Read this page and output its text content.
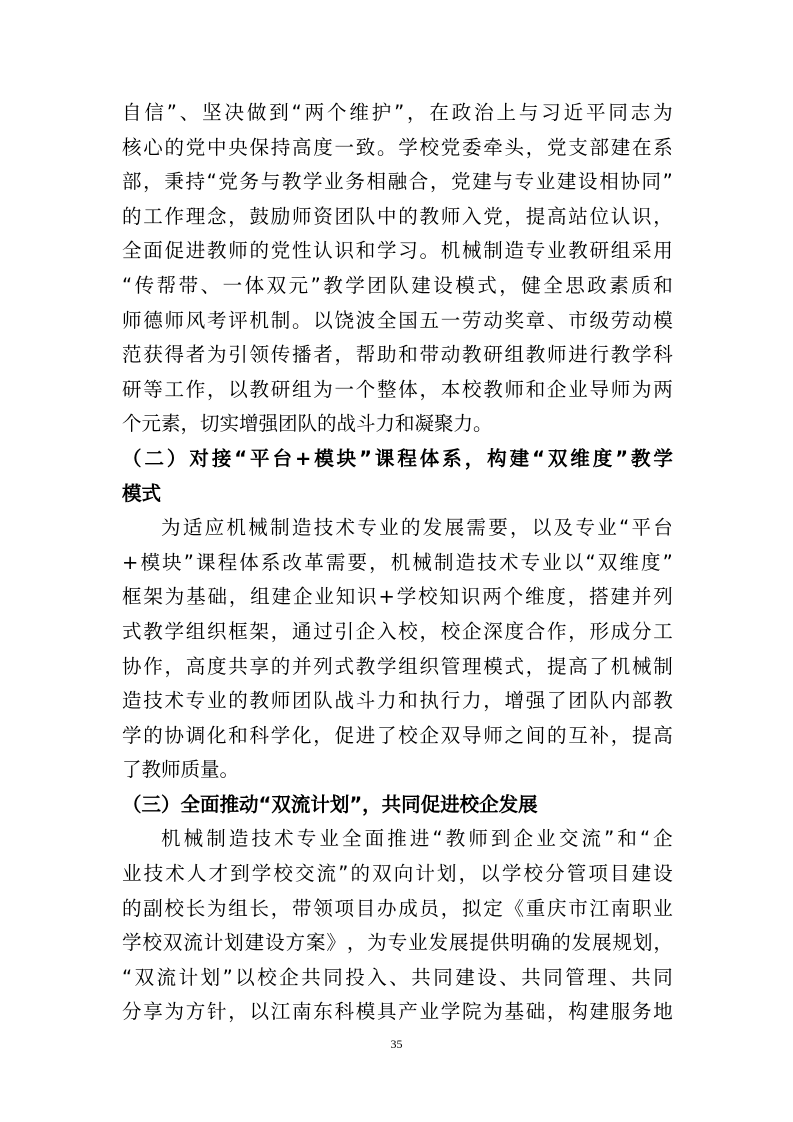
自 信 ” 、 坚 决 做 到 “ 两 个 维 护 ” ， 在 政 治 上 与 习 近 平 同 志 为
核 心 的 党 中 央 保 持 高 度 一 致 。 学 校 党 委 牵 头 ， 党 支 部 建 在 系
部 ， 秉 持 “ 党 务 与 教 学 业 务 相 融 合 ， 党 建 与 专 业 建 设 相 协 同 ”
的 工 作 理 念 ， 鼓 励 师 资 团 队 中 的 教 师 入 党 ， 提 高 站 位 认 识 ，
全 面 促 进 教 师 的 党 性 认 识 和 学 习 。 机 械 制 造 专 业 教 研 组 采 用
“ 传 帮 带 、 一 体 双 元 ” 教 学 团 队 建 设 模 式 ， 健 全 思 政 素 质 和
师 德 师 风 考 评 机 制 。 以 饶 波 全 国 五 一 劳 动 奖 章 、 市 级 劳 动 模
范 获 得 者 为 引 领 传 播 者 ， 帮 助 和 带 动 教 研 组 教 师 进 行 教 学 科
研 等 工 作 ， 以 教 研 组 为 一 个 整 体 ， 本 校 教 师 和 企 业 导 师 为 两
个元素，切实增强团队的战斗力和凝聚力。
（ 二 ） 对 接 “ 平 台 + 模 块 ” 课 程 体 系 ， 构 建 “ 双 维 度 ” 教 学
模式
为 适 应 机 械 制 造 技 术 专 业 的 发 展 需 要 ， 以 及 专 业 “ 平 台
+ 模 块 ” 课 程 体 系 改 革 需 要 ， 机 械 制 造 技 术 专 业 以 “ 双 维 度 ”
框 架 为 基 础 ， 组 建 企 业 知 识 + 学 校 知 识 两 个 维 度 ， 搭 建 并 列
式 教 学 组 织 框 架 ， 通 过 引 企 入 校 ， 校 企 深 度 合 作 ， 形 成 分 工
协 作 ， 高 度 共 享 的 并 列 式 教 学 组 织 管 理 模 式 ， 提 高 了 机 械 制
造 技 术 专 业 的 教 师 团 队 战 斗 力 和 执 行 力 ， 增 强 了 团 队 内 部 教
学 的 协 调 化 和 科 学 化 ， 促 进 了 校 企 双 导 师 之 间 的 互 补 ， 提 高
了教师质量。
（三）全面推动“双流计划”，共同促进校企发展
机 械 制 造 技 术 专 业 全 面 推 进 “ 教 师 到 企 业 交 流 ” 和 “ 企
业 技 术 人 才 到 学 校 交 流 ” 的 双 向 计 划 ， 以 学 校 分 管 项 目 建 设
的 副 校 长 为 组 长 ， 带 领 项 目 办 成 员 ， 拟 定 《 重 庆 市 江 南 职 业
学 校 双 流 计 划 建 设 方 案 》 ， 为 专 业 发 展 提 供 明 确 的 发 展 规 划 ，
“ 双 流 计 划 ” 以 校 企 共 同 投 入 、 共 同 建 设 、 共 同 管 理 、 共 同
分 享 为 方 针 ， 以 江 南 东 科 模 具 产 业 学 院 为 基 础 ， 构 建 服 务 地
35
